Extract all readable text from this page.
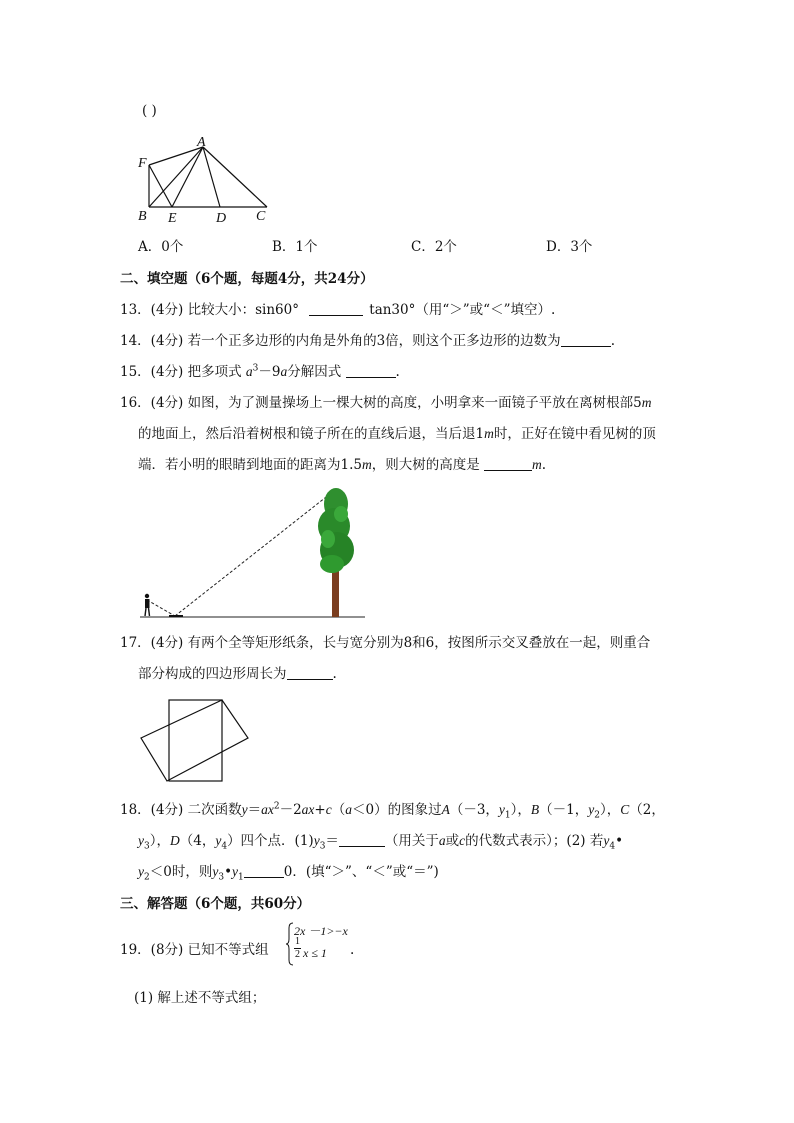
( )
A
F
B E	D C
A．0个	B．1个	C．2个	D．3个
二、填空题（6个题，每题4分，共24分）
13．(4分) 比较大小：sin60°	tan30°（用“＞”或“＜”填空）.
14．(4分) 若一个正多边形的内角是外角的3倍，则这个正多边形的边数为	.
15．(4分) 把多项式 $a^3-9a$分解因式	.
16．(4分) 如图，为了测量操场上一棵大树的高度，小明拿来一面镜子平放在离树根部5m
的地面上，然后沿着树根和镜子所在的直线后退，当后退1m时，正好在镜中看见树的顶
端．若小明的眼睛到地面的距离为1.5m，则大树的高度是	m.
17．(4分) 有两个全等矩形纸条，长与宽分别为8和6，按图所示交叉叠放在一起，则重合
部分构成的四边形周长为	.
18．(4分) 二次函数$y=ax^2-2ax+c(a<0)$的图象过A（－3，$y_1$），B（－1，$y_2$），C（2，
$y_3$），D（4，$y_4$）四个点．$(1)y_3=$	（用关于a或c的代数式表示）；(2) 若$y_4•$
$y_2<0$时，则$y_3•y_1$	0．(填“＞”、“＜”或“＝”)
三、解答题（6个题，共60分）
19．(8分) 已知不等式组
2x －1>−x
1
2 x ≤ 1 .
(1) 解上述不等式组；
